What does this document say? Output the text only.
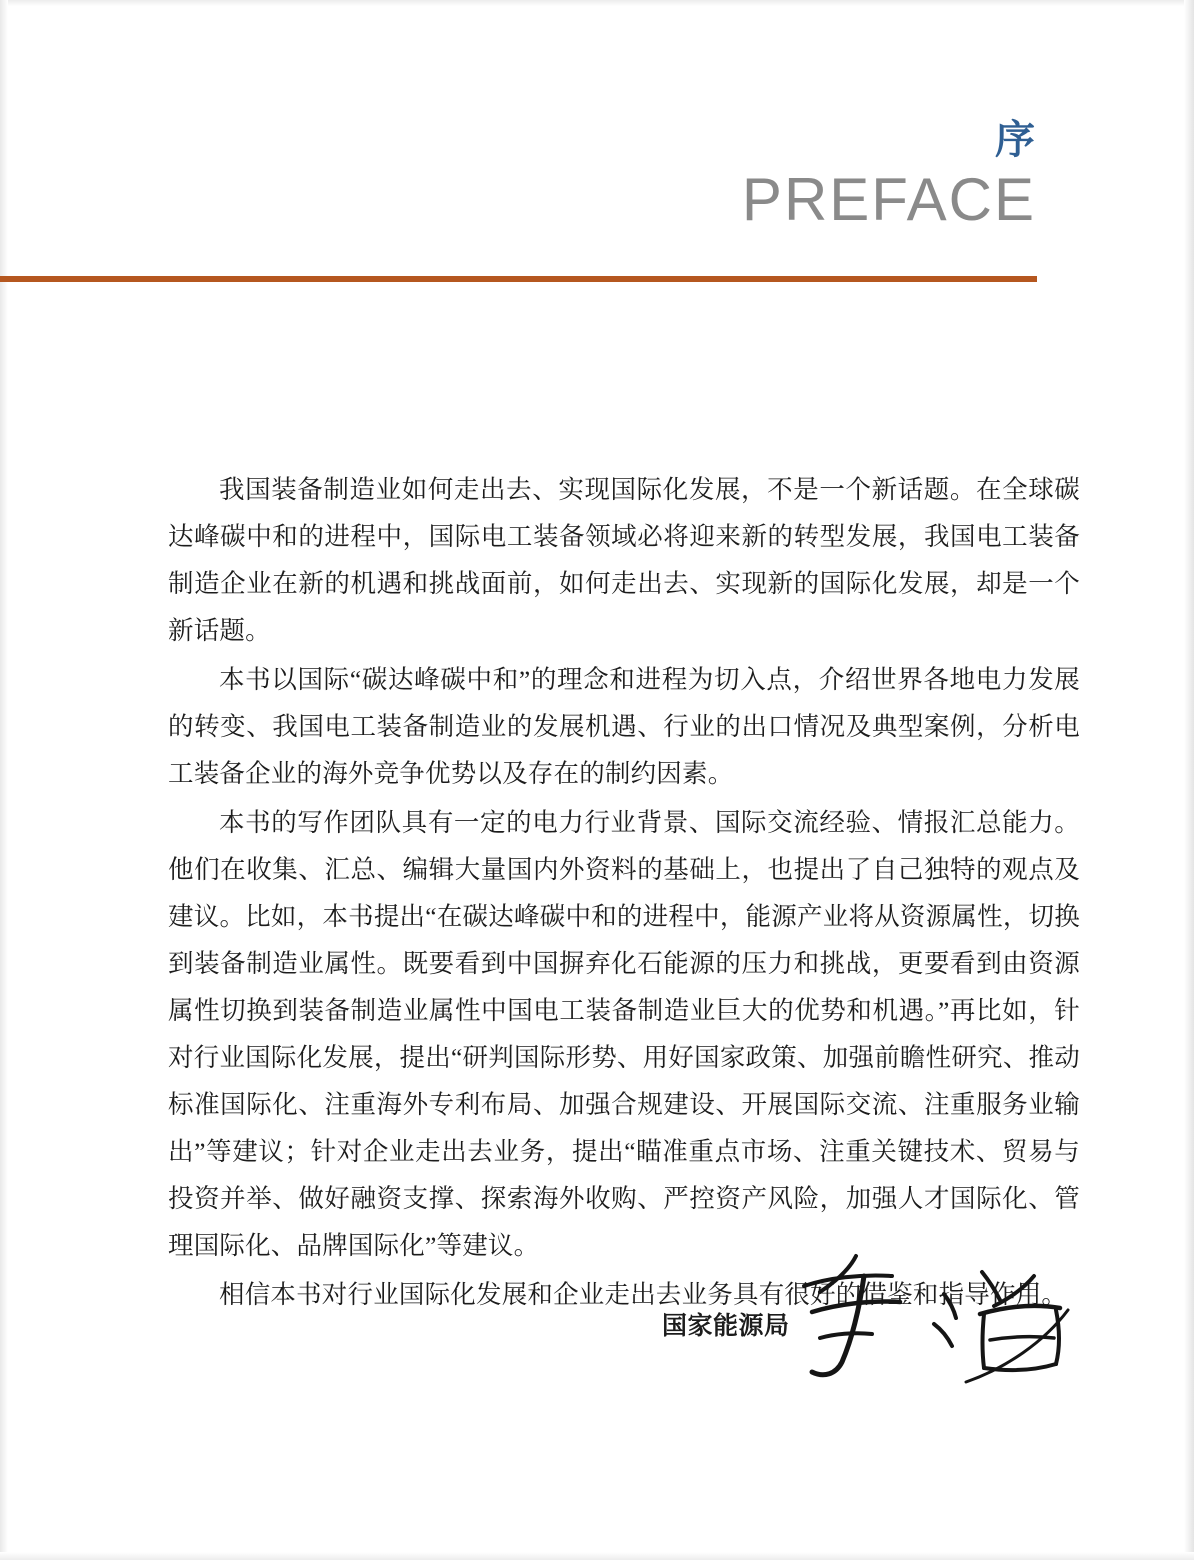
序
PREFACE

我国装备制造业如何走出去、实现国际化发展，不是一个新话题。在全球碳达峰碳中和的进程中，国际电工装备领域必将迎来新的转型发展，我国电工装备制造企业在新的机遇和挑战面前，如何走出去、实现新的国际化发展，却是一个新话题。

本书以国际“碳达峰碳中和”的理念和进程为切入点，介绍世界各地电力发展的转变、我国电工装备制造业的发展机遇、行业的出口情况及典型案例，分析电工装备企业的海外竞争优势以及存在的制约因素。

本书的写作团队具有一定的电力行业背景、国际交流经验、情报汇总能力。他们在收集、汇总、编辑大量国内外资料的基础上，也提出了自己独特的观点及建议。比如，本书提出“在碳达峰碳中和的进程中，能源产业将从资源属性，切换到装备制造业属性。既要看到中国摒弃化石能源的压力和挑战，更要看到由资源属性切换到装备制造业属性中国电工装备制造业巨大的优势和机遇。”再比如，针对行业国际化发展，提出“研判国际形势、用好国家政策、加强前瞻性研究、推动标准国际化、注重海外专利布局、加强合规建设、开展国际交流、注重服务业输出”等建议；针对企业走出去业务，提出“瞄准重点市场、注重关键技术、贸易与投资并举、做好融资支撑、探索海外收购、严控资产风险，加强人才国际化、管理国际化、品牌国际化”等建议。

相信本书对行业国际化发展和企业走出去业务具有很好的借鉴和指导作用。

国家能源局
